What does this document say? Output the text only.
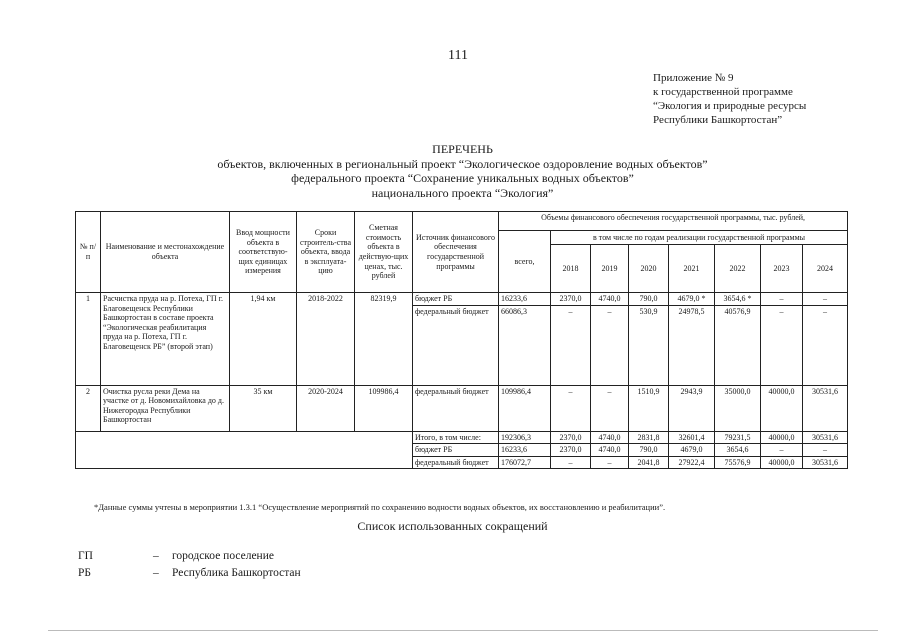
111
Приложение № 9
к государственной программе
“Экология и природные ресурсы
Республики Башкортостан”
ПЕРЕЧЕНЬ
объектов, включенных в региональный проект “Экологическое оздоровление водных объектов”
федерального проекта “Сохранение уникальных водных объектов”
национального проекта “Экология”
№ п/п	Наименование и местонахождение объекта	Ввод мощности объекта в соответствую-щих единицах измерения	Сроки строитель-ства объекта, ввода в эксплуата-цию	Сметная стоимость объекта в действую-щих ценах, тыс. рублей	Источник финансового обеспечения государственной программы	Объемы финансового обеспечения государственной программы, тыс. рублей,							
						всего,	в том числе по годам реализации государственной программы						
							2018	2019	2020	2021	2022	2023	2024
1	Расчистка пруда на р. Потеха, ГП г. Благовещенск Республики Башкортостан в составе проекта “Экологическая реабилитация пруда на р. Потеха, ГП г. Благовещенск РБ” (второй этап)	1,94 км	2018-2022	82319,9	бюджет РБ	16233,6	2370,0	4740,0	790,0	4679,0 *	3654,6 *	–	–
					федеральный бюджет	66086,3	–	–	530,9	24978,5	40576,9	–	–
2	Очистка русла реки Дема на участке от д. Новомихайловка до д. Нижегородка Республики Башкортостан	35 км	2020-2024	109986,4	федеральный бюджет	109986,4	–	–	1510,9	2943,9	35000,0	40000,0	30531,6
					Итого, в том числе:	192306,3	2370,0	4740,0	2831,8	32601,4	79231,5	40000,0	30531,6
					бюджет РБ	16233,6	2370,0	4740,0	790,0	4679,0	3654,6	–	–
					федеральный бюджет	176072,7	–	–	2041,8	27922,4	75576,9	40000,0	30531,6
*Данные суммы учтены в мероприятии 1.3.1 “Осуществление мероприятий по сохранению водности водных объектов, их восстановлению и реабилитации”.
Список использованных сокращений
ГП	– городское поселение
РБ	– Республика Башкортостан
